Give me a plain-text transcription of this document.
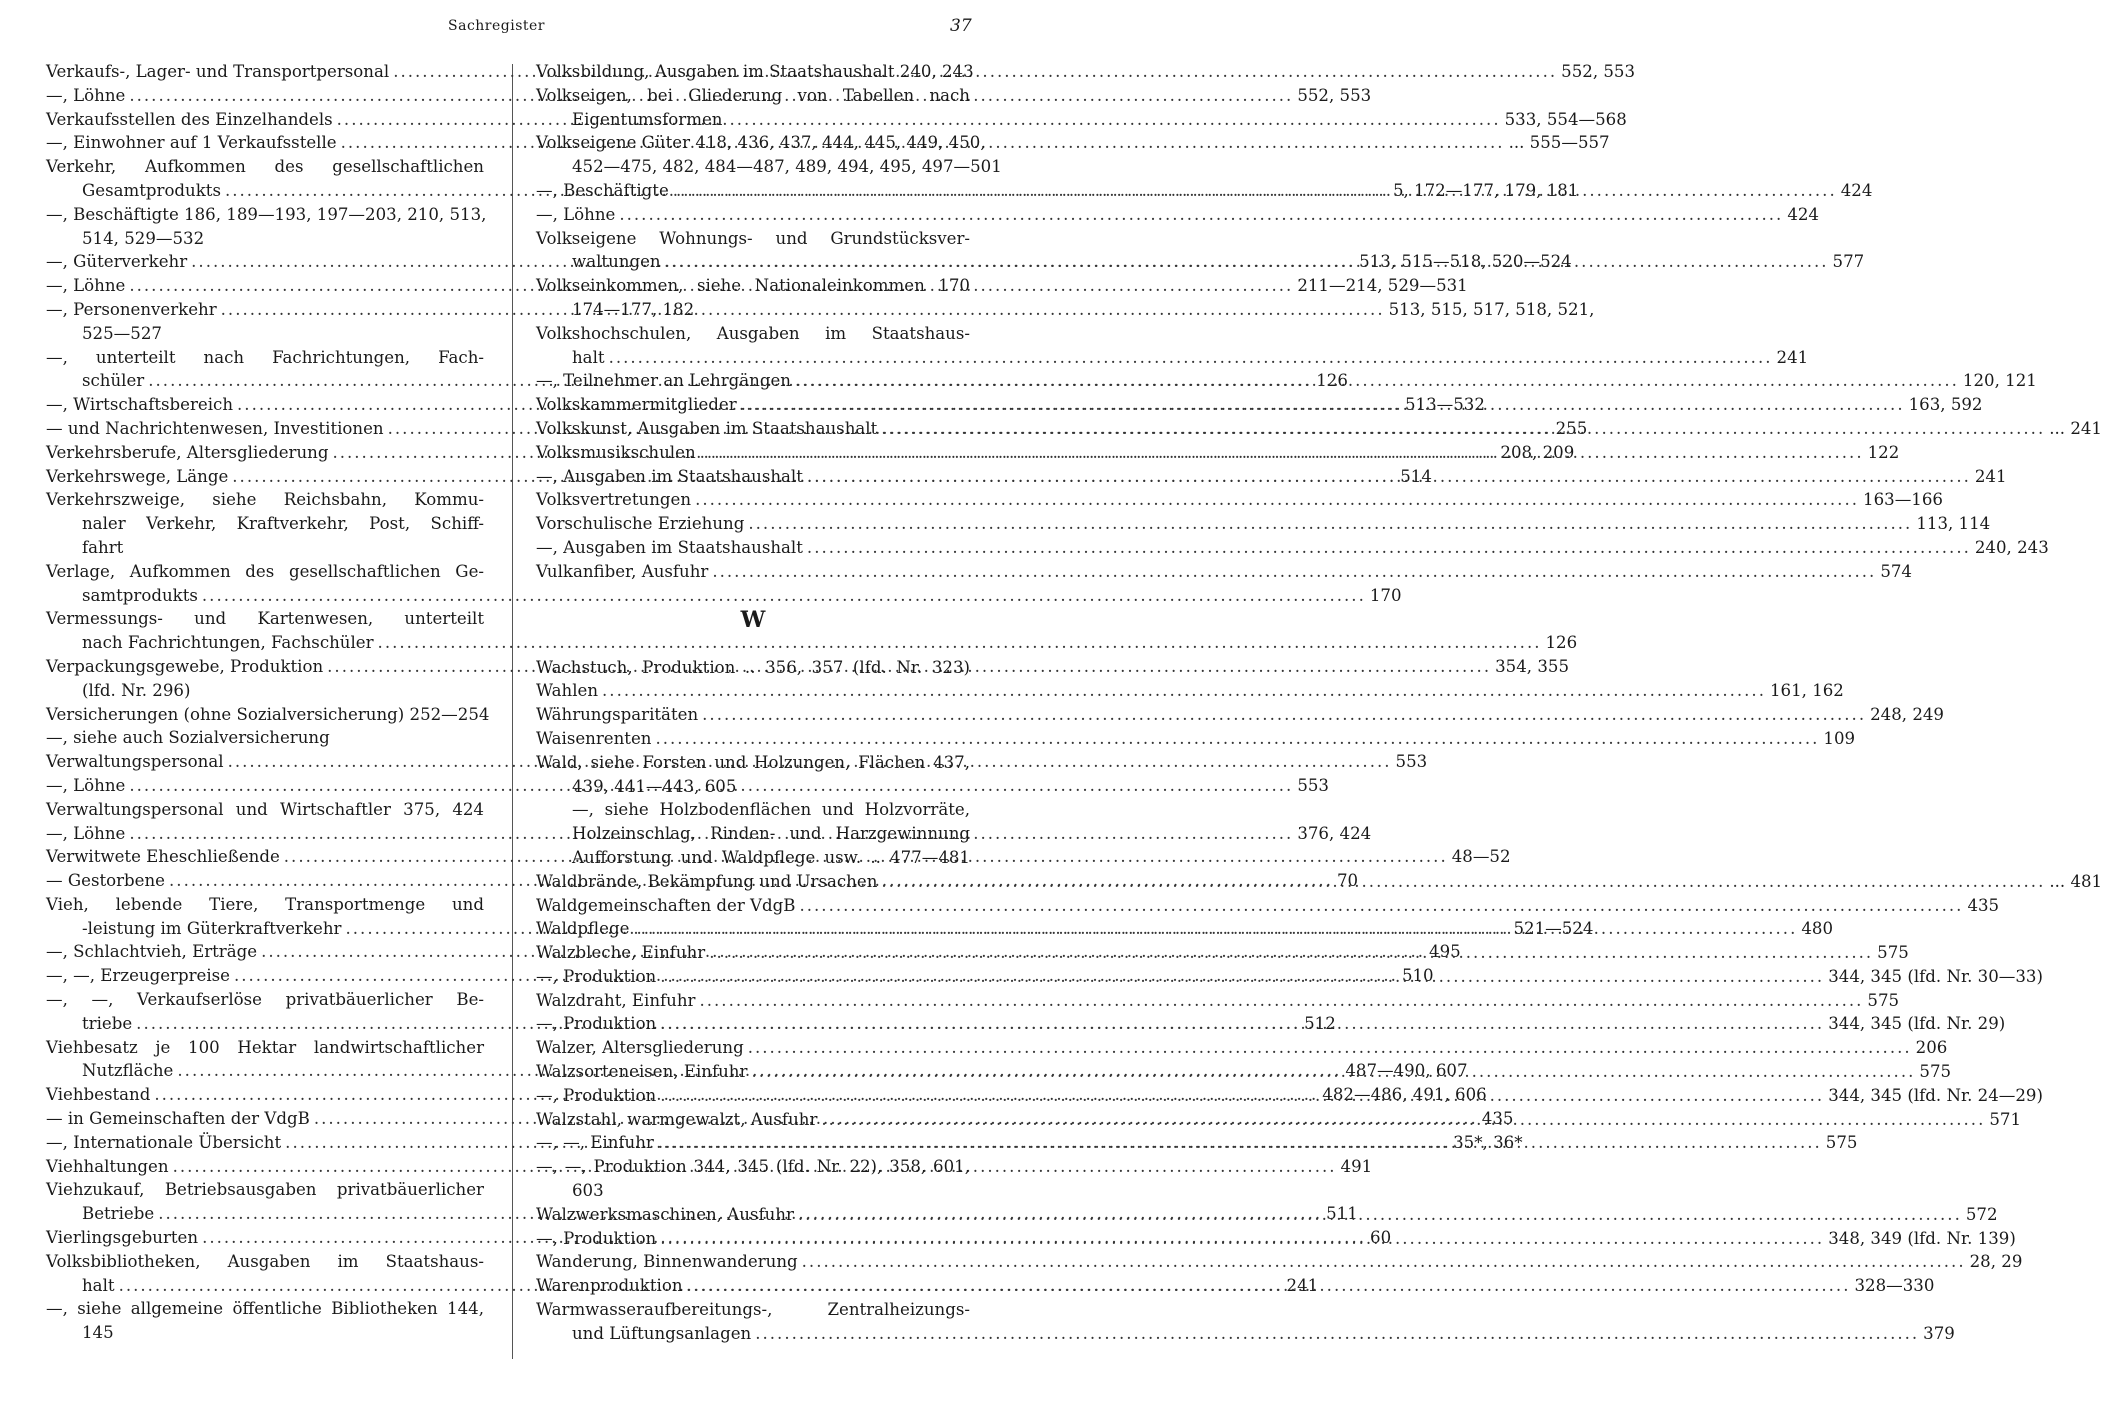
Sachregister	37
Verkaufs-, Lager- und Transportpersonal .....	552, 553
—, Löhne .....	552, 553
Verkaufsstellen des Einzelhandels .....	533, 554—568
—, Einwohner auf 1 Verkaufsstelle .....	... 555—557
Verkehr, Aufkommen des gesellschaftlichen
Gesamtprodukts .....	5, 172—177, 179, 181
—, Beschäftigte 186, 189—193, 197—203, 210, 513,
514, 529—532
—, Güterverkehr .....	513, 515—518, 520—524
—, Löhne .....	211—214, 529—531
—, Personenverkehr .....	513, 515, 517, 518, 521,
525—527
—, unterteilt nach Fachrichtungen, Fach-
schüler .....	126
—, Wirtschaftsbereich .....	513—532
— und Nachrichtenwesen, Investitionen .....	255
Verkehrsberufe, Altersgliederung .....	208, 209
Verkehrswege, Länge .....	514
Verkehrszweige, siehe Reichsbahn, Kommu-
naler Verkehr, Kraftverkehr, Post, Schiff-
fahrt
Verlage, Aufkommen des gesellschaftlichen Ge-
samtprodukts .....	170
Vermessungs- und Kartenwesen, unterteilt
nach Fachrichtungen, Fachschüler .....	126
Verpackungsgewebe, Produktion .....	354, 355
(lfd. Nr. 296)
Versicherungen (ohne Sozialversicherung) 252—254
—, siehe auch Sozialversicherung
Verwaltungspersonal .....	553
—, Löhne .....	553
Verwaltungspersonal und Wirtschaftler 375, 424
—, Löhne .....	376, 424
Verwitwete Eheschließende .....	48—52
— Gestorbene .....	70
Vieh, lebende Tiere, Transportmenge und
-leistung im Güterkraftverkehr .....	521—524
—, Schlachtvieh, Erträge .....	495
—, —, Erzeugerpreise .....	510
—, —, Verkaufserlöse privatbäuerlicher Be-
triebe .....	512
Viehbesatz je 100 Hektar landwirtschaftlicher
Nutzfläche .....	487—490, 607
Viehbestand .....	482—486, 491, 606
— in Gemeinschaften der VdgB .....	435
—, Internationale Übersicht .....	35*, 36*
Viehhaltungen .....	491
Viehzukauf, Betriebsausgaben privatbäuerlicher
Betriebe .....	511
Vierlingsgeburten .....	60
Volksbibliotheken, Ausgaben im Staatshaus-
halt .....	241
—, siehe allgemeine öffentliche Bibliotheken 144,
145
Volksbildung, Ausgaben im Staatshaushalt 240, 243
Volkseigen, bei Gliederung von Tabellen nach
Eigentumsformen
Volkseigene Güter 418, 436, 437, 444, 445, 449, 450,
452—475, 482, 484—487, 489, 494, 495, 497—501
—, Beschäftigte .....	424
—, Löhne .....	424
Volkseigene Wohnungs- und Grundstücksver-
waltungen .....	577
Volkseinkommen, siehe Nationaleinkommen 170
174—177, 182
Volkshochschulen, Ausgaben im Staatshaus-
halt .....	241
—, Teilnehmer an Lehrgängen .....	120, 121
Volkskammermitglieder .....	163, 592
Volkskunst, Ausgaben im Staatshaushalt .....	... 241
Volksmusikschulen .....	122
—, Ausgaben im Staatshaushalt .....	241
Volksvertretungen .....	163—166
Vorschulische Erziehung .....	113, 114
—, Ausgaben im Staatshaushalt .....	240, 243
Vulkanfiber, Ausfuhr .....	574
W
Wachstuch, Produktion .. 356, 357 (lfd. Nr. 323)
Wahlen .....	161, 162
Währungsparitäten .....	248, 249
Waisenrenten .....	109
Wald, siehe Forsten und Holzungen, Flächen 437,
439, 441—443, 605
—, siehe Holzbodenflächen und Holzvorräte,
Holzeinschlag, Rinden- und Harzgewinnung
Aufforstung und Waldpflege usw. .. 477—481
Waldbrände, Bekämpfung und Ursachen .....	... 481
Waldgemeinschaften der VdgB .....	435
Waldpflege .....	480
Walzbleche, Einfuhr .....	575
—, Produktion .....	344, 345 (lfd. Nr. 30—33)
Walzdraht, Einfuhr .....	575
—, Produktion .....	344, 345 (lfd. Nr. 29)
Walzer, Altersgliederung .....	206
Walzsorteneisen, Einfuhr .....	575
—, Produktion .....	344, 345 (lfd. Nr. 24—29)
Walzstahl, warmgewalzt, Ausfuhr .....	571
—, —, Einfuhr .....	575
—, —, Produktion 344, 345 (lfd. Nr. 22), 358, 601,
603
Walzwerksmaschinen, Ausfuhr .....	572
—, Produktion .....	348, 349 (lfd. Nr. 139)
Wanderung, Binnenwanderung .....	28, 29
Warenproduktion .....	328—330
Warmwasseraufbereitungs-, Zentralheizungs-
und Lüftungsanlagen .....	379
